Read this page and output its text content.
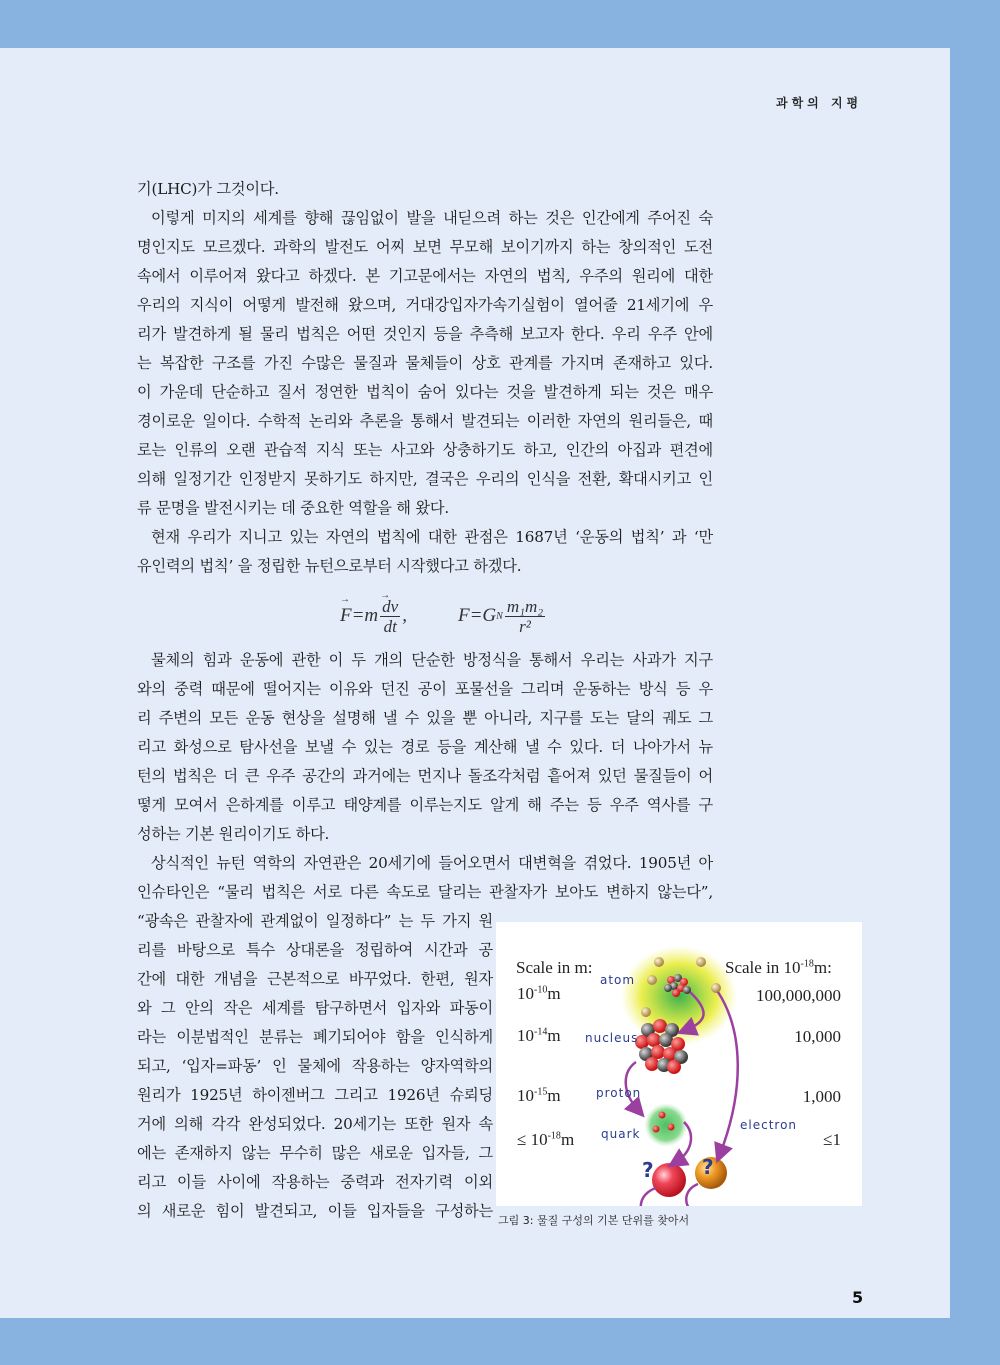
과학의 지평
기(LHC)가 그것이다.
이렇게 미지의 세계를 향해 끊임없이 발을 내딛으려 하는 것은 인간에게 주어진 숙
명인지도 모르겠다. 과학의 발전도 어찌 보면 무모해 보이기까지 하는 창의적인 도전
속에서 이루어져 왔다고 하겠다. 본 기고문에서는 자연의 법칙, 우주의 원리에 대한
우리의 지식이 어떻게 발전해 왔으며, 거대강입자가속기실험이 열어줄 21세기에 우
리가 발견하게 될 물리 법칙은 어떤 것인지 등을 추측해 보고자 한다. 우리 우주 안에
는 복잡한 구조를 가진 수많은 물질과 물체들이 상호 관계를 가지며 존재하고 있다.
이 가운데 단순하고 질서 정연한 법칙이 숨어 있다는 것을 발견하게 되는 것은 매우
경이로운 일이다. 수학적 논리와 추론을 통해서 발견되는 이러한 자연의 원리들은, 때
로는 인류의 오랜 관습적 지식 또는 사고와 상충하기도 하고, 인간의 아집과 편견에
의해 일정기간 인정받지 못하기도 하지만, 결국은 우리의 인식을 전환, 확대시키고 인
류 문명을 발전시키는 데 중요한 역할을 해 왔다.
현재 우리가 지니고 있는 자연의 법칙에 대한 관점은 1687년 ‘운동의 법칙’ 과 ‘만
유인력의 법칙’ 을 정립한 뉴턴으로부터 시작했다고 하겠다.
→ $F =m \to \frac{dv}{dt}$ ,	F =G N $\frac{\text{m₁m₂}}{\text{r²}}$
물체의 힘과 운동에 관한 이 두 개의 단순한 방정식을 통해서 우리는 사과가 지구
와의 중력 때문에 떨어지는 이유와 던진 공이 포물선을 그리며 운동하는 방식 등 우
리 주변의 모든 운동 현상을 설명해 낼 수 있을 뿐 아니라, 지구를 도는 달의 궤도 그
리고 화성으로 탐사선을 보낼 수 있는 경로 등을 계산해 낼 수 있다. 더 나아가서 뉴
턴의 법칙은 더 큰 우주 공간의 과거에는 먼지나 돌조각처럼 흩어져 있던 물질들이 어
떻게 모여서 은하계를 이루고 태양계를 이루는지도 알게 해 주는 등 우주 역사를 구
성하는 기본 원리이기도 하다.
상식적인 뉴턴 역학의 자연관은 20세기에 들어오면서 대변혁을 겪었다. 1905년 아
인슈타인은 “물리 법칙은 서로 다른 속도로 달리는 관찰자가 보아도 변하지 않는다”,
“광속은 관찰자에 관계없이 일정하다” 는 두 가지 원
리를 바탕으로 특수 상대론을 정립하여 시간과 공
간에 대한 개념을 근본적으로 바꾸었다. 한편, 원자
와 그 안의 작은 세계를 탐구하면서 입자와 파동이
라는 이분법적인 분류는 폐기되어야 함을 인식하게
되고, ‘입자=파동’ 인 물체에 작용하는 양자역학의
원리가 1925년 하이젠버그 그리고 1926년 슈뢰딩
거에 의해 각각 완성되었다. 20세기는 또한 원자 속
에는 존재하지 않는 무수히 많은 새로운 입자들, 그
리고 이들 사이에 작용하는 중력과 전자기력 이외
의 새로운 힘이 발견되고, 이들 입자들을 구성하는
Scale in m:	Scale in $10^{-18}m$:
$10^{-10}m$
$10^{-14}m$
$10^{-15}m$
≤ $10^{-18}m$
100,000,000
10,000
1,000
≤1
atom
nucleus
proton
quark
electron
? ?
그림 3: 물질 구성의 기본 단위를 찾아서
5
